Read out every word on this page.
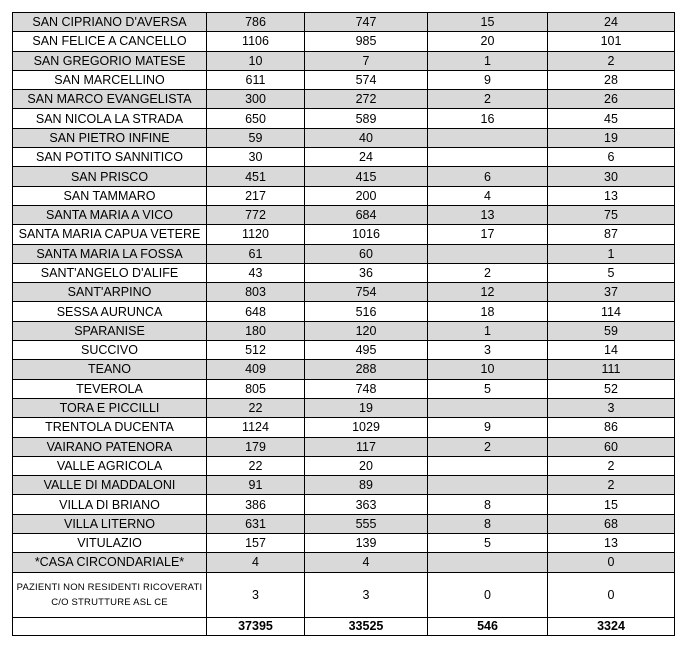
SAN CIPRIANO D'AVERSA	786	747	15	24
SAN FELICE A CANCELLO	1106	985	20	101
SAN GREGORIO MATESE	10	7	1	2
SAN MARCELLINO	611	574	9	28
SAN MARCO EVANGELISTA	300	272	2	26
SAN NICOLA LA STRADA	650	589	16	45
SAN PIETRO INFINE	59	40		19
SAN POTITO SANNITICO	30	24		6
SAN PRISCO	451	415	6	30
SAN TAMMARO	217	200	4	13
SANTA MARIA A VICO	772	684	13	75
SANTA MARIA CAPUA VETERE	1120	1016	17	87
SANTA MARIA LA FOSSA	61	60		1
SANT'ANGELO D'ALIFE	43	36	2	5
SANT'ARPINO	803	754	12	37
SESSA AURUNCA	648	516	18	114
SPARANISE	180	120	1	59
SUCCIVO	512	495	3	14
TEANO	409	288	10	111
TEVEROLA	805	748	5	52
TORA E PICCILLI	22	19		3
TRENTOLA DUCENTA	1124	1029	9	86
VAIRANO PATENORA	179	117	2	60
VALLE AGRICOLA	22	20		2
VALLE DI MADDALONI	91	89		2
VILLA DI BRIANO	386	363	8	15
VILLA LITERNO	631	555	8	68
VITULAZIO	157	139	5	13
*CASA CIRCONDARIALE*	4	4		0
PAZIENTI NON RESIDENTI RICOVERATI C/O STRUTTURE ASL CE	3	3	0	0
	37395	33525	546	3324
